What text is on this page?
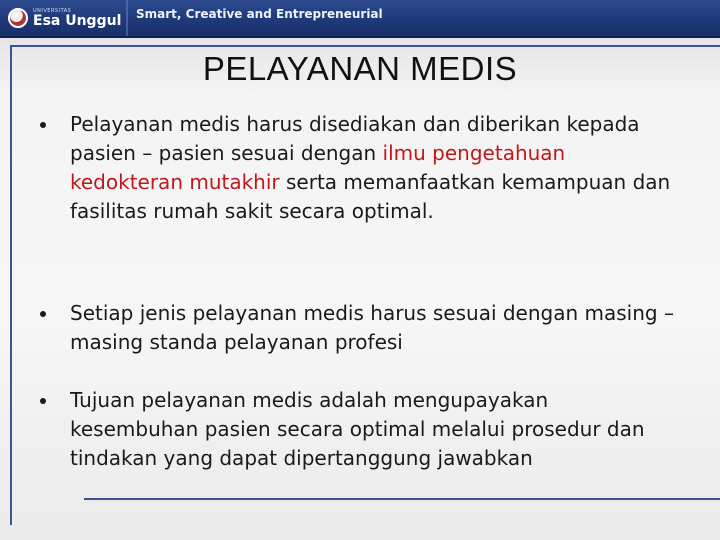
UNIVERSITAS
Esa Unggul Smart, Creative and Entrepreneurial
PELAYANAN MEDIS
Pelayanan medis harus disediakan dan diberikan kepada pasien – pasien sesuai dengan ilmu pengetahuan kedokteran mutakhir serta memanfaatkan kemampuan dan fasilitas rumah sakit secara optimal.
Setiap jenis pelayanan medis harus sesuai dengan masing – masing standa pelayanan profesi
Tujuan pelayanan medis adalah mengupayakan kesembuhan pasien secara optimal melalui prosedur dan tindakan yang dapat dipertanggung jawabkan
